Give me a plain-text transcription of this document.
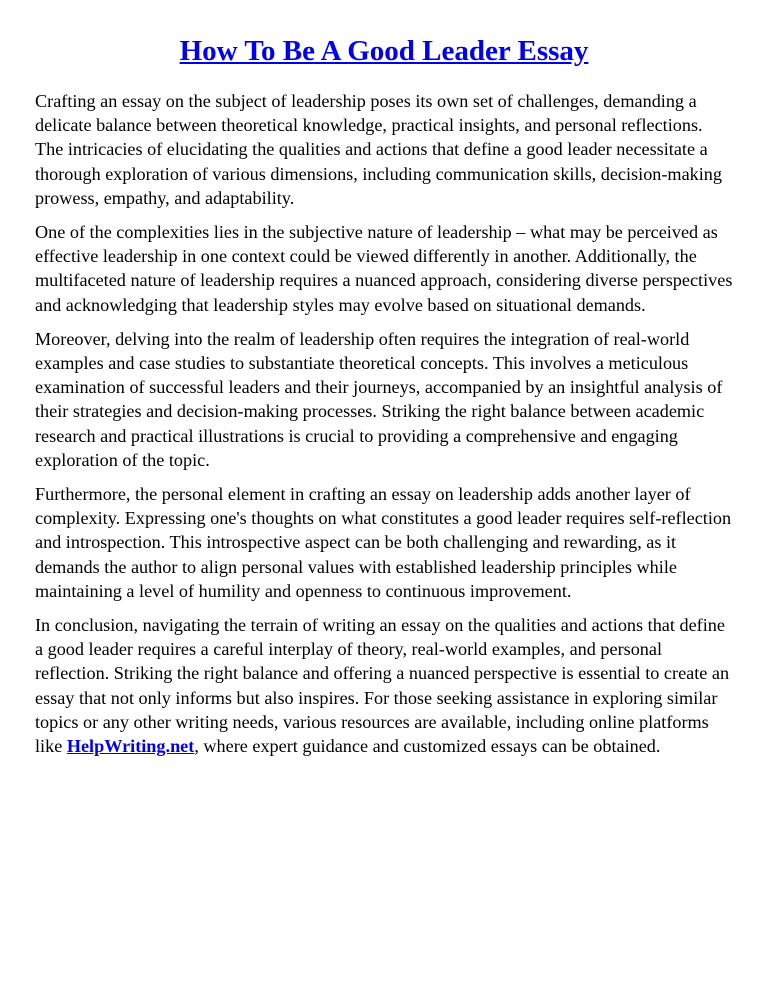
How To Be A Good Leader Essay

Crafting an essay on the subject of leadership poses its own set of challenges, demanding a delicate balance between theoretical knowledge, practical insights, and personal reflections. The intricacies of elucidating the qualities and actions that define a good leader necessitate a thorough exploration of various dimensions, including communication skills, decision-making prowess, empathy, and adaptability.

One of the complexities lies in the subjective nature of leadership – what may be perceived as effective leadership in one context could be viewed differently in another. Additionally, the multifaceted nature of leadership requires a nuanced approach, considering diverse perspectives and acknowledging that leadership styles may evolve based on situational demands.

Moreover, delving into the realm of leadership often requires the integration of real-world examples and case studies to substantiate theoretical concepts. This involves a meticulous examination of successful leaders and their journeys, accompanied by an insightful analysis of their strategies and decision-making processes. Striking the right balance between academic research and practical illustrations is crucial to providing a comprehensive and engaging exploration of the topic.

Furthermore, the personal element in crafting an essay on leadership adds another layer of complexity. Expressing one's thoughts on what constitutes a good leader requires self-reflection and introspection. This introspective aspect can be both challenging and rewarding, as it demands the author to align personal values with established leadership principles while maintaining a level of humility and openness to continuous improvement.

In conclusion, navigating the terrain of writing an essay on the qualities and actions that define a good leader requires a careful interplay of theory, real-world examples, and personal reflection. Striking the right balance and offering a nuanced perspective is essential to create an essay that not only informs but also inspires. For those seeking assistance in exploring similar topics or any other writing needs, various resources are available, including online platforms like HelpWriting.net, where expert guidance and customized essays can be obtained.
